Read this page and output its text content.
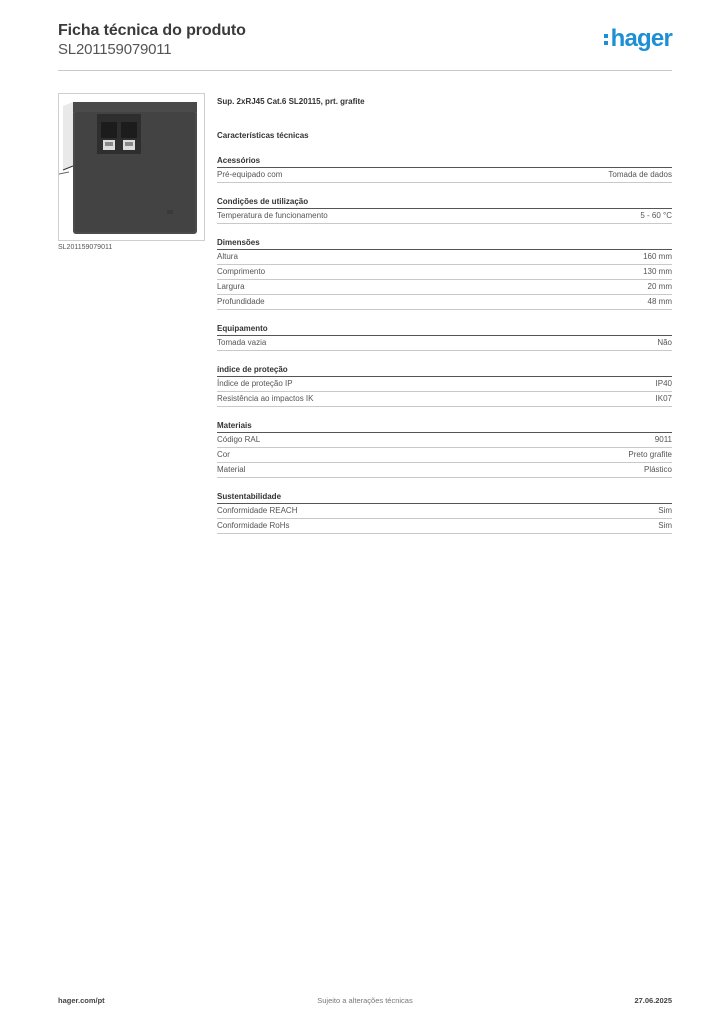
Ficha técnica do produto
SL201159079011	hager
SL201159079011
Sup. 2xRJ45 Cat.6 SL20115, prt. grafite
Características técnicas
Acessórios
Pré-equipado com	Tomada de dados
Condições de utilização
Temperatura de funcionamento	5 - 60 °C
Dimensões
Altura	160 mm
Comprimento	130 mm
Largura	20 mm
Profundidade	48 mm
Equipamento
Tomada vazia	Não
índice de proteção
Índice de proteção IP	IP40
Resistência ao impactos IK	IK07
Materiais
Código RAL	9011
Cor	Preto grafite
Material	Plástico
Sustentabilidade
Conformidade REACH	Sim
Conformidade RoHs	Sim
hager.com/pt	Sujeito a alterações técnicas	27.06.2025
